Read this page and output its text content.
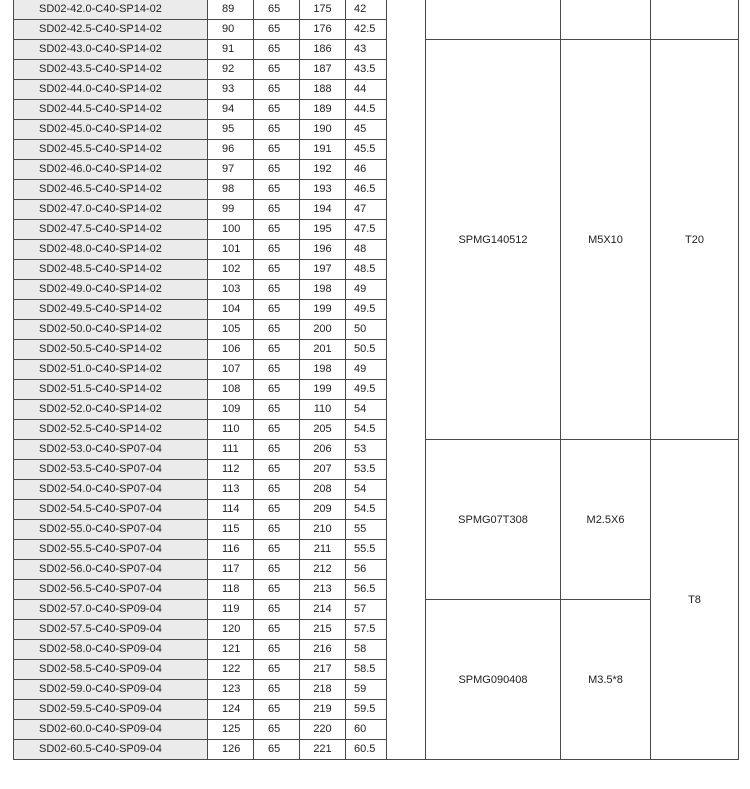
SD02-42.0-C40-SP14-02	89	65	175	42
SD02-42.5-C40-SP14-02	90	65	176	42.5
SD02-43.0-C40-SP14-02	91	65	186	43
SD02-43.5-C40-SP14-02	92	65	187	43.5
SD02-44.0-C40-SP14-02	93	65	188	44
SD02-44.5-C40-SP14-02	94	65	189	44.5
SD02-45.0-C40-SP14-02	95	65	190	45
SD02-45.5-C40-SP14-02	96	65	191	45.5
SD02-46.0-C40-SP14-02	97	65	192	46
SD02-46.5-C40-SP14-02	98	65	193	46.5
SD02-47.0-C40-SP14-02	99	65	194	47
SD02-47.5-C40-SP14-02	100	65	195	47.5
SD02-48.0-C40-SP14-02	101	65	196	48
SD02-48.5-C40-SP14-02	102	65	197	48.5
SD02-49.0-C40-SP14-02	103	65	198	49
SD02-49.5-C40-SP14-02	104	65	199	49.5
SD02-50.0-C40-SP14-02	105	65	200	50
SD02-50.5-C40-SP14-02	106	65	201	50.5
SD02-51.0-C40-SP14-02	107	65	198	49
SD02-51.5-C40-SP14-02	108	65	199	49.5
SD02-52.0-C40-SP14-02	109	65	110	54
SD02-52.5-C40-SP14-02	110	65	205	54.5
SD02-53.0-C40-SP07-04	111	65	206	53
SD02-53.5-C40-SP07-04	112	65	207	53.5
SD02-54.0-C40-SP07-04	113	65	208	54
SD02-54.5-C40-SP07-04	114	65	209	54.5
SD02-55.0-C40-SP07-04	115	65	210	55
SD02-55.5-C40-SP07-04	116	65	211	55.5
SD02-56.0-C40-SP07-04	117	65	212	56
SD02-56.5-C40-SP07-04	118	65	213	56.5
SD02-57.0-C40-SP09-04	119	65	214	57
SD02-57.5-C40-SP09-04	120	65	215	57.5
SD02-58.0-C40-SP09-04	121	65	216	58
SD02-58.5-C40-SP09-04	122	65	217	58.5
SD02-59.0-C40-SP09-04	123	65	218	59
SD02-59.5-C40-SP09-04	124	65	219	59.5
SD02-60.0-C40-SP09-04	125	65	220	60
SD02-60.5-C40-SP09-04	126	65	221	60.5

SPMG140512	M5X10	T20
SPMG07T308	M2.5X6	T8
SPMG090408	M3.5*8	
